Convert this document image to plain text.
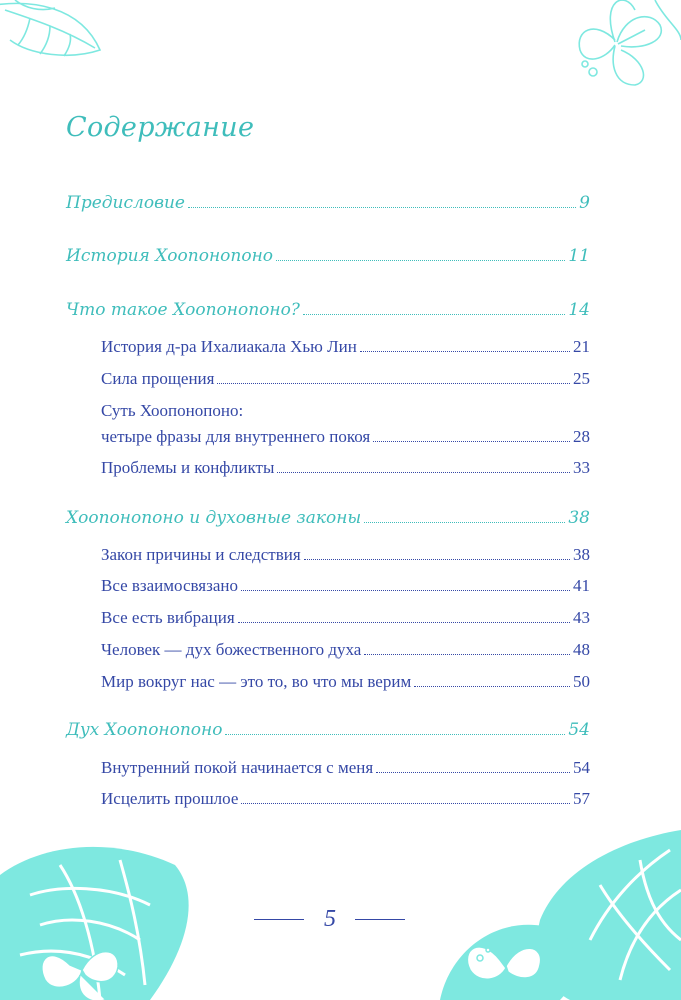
Содержание
Предисловие	9
История Хоопонопоно	11
Что такое Хоопонопоно?	14
История д-ра Ихалиакала Хью Лин	21
Сила прощения	25
Суть Хоопонопоно:
четыре фразы для внутреннего покоя	28
Проблемы и конфликты	33
Хоопонопоно и духовные законы	38
Закон причины и следствия	38
Все взаимосвязано	41
Все есть вибрация	43
Человек — дух божественного духа	48
Мир вокруг нас — это то, во что мы верим	50
Дух Хоопонопоно	54
Внутренний покой начинается с меня	54
Исцелить прошлое	57
5
